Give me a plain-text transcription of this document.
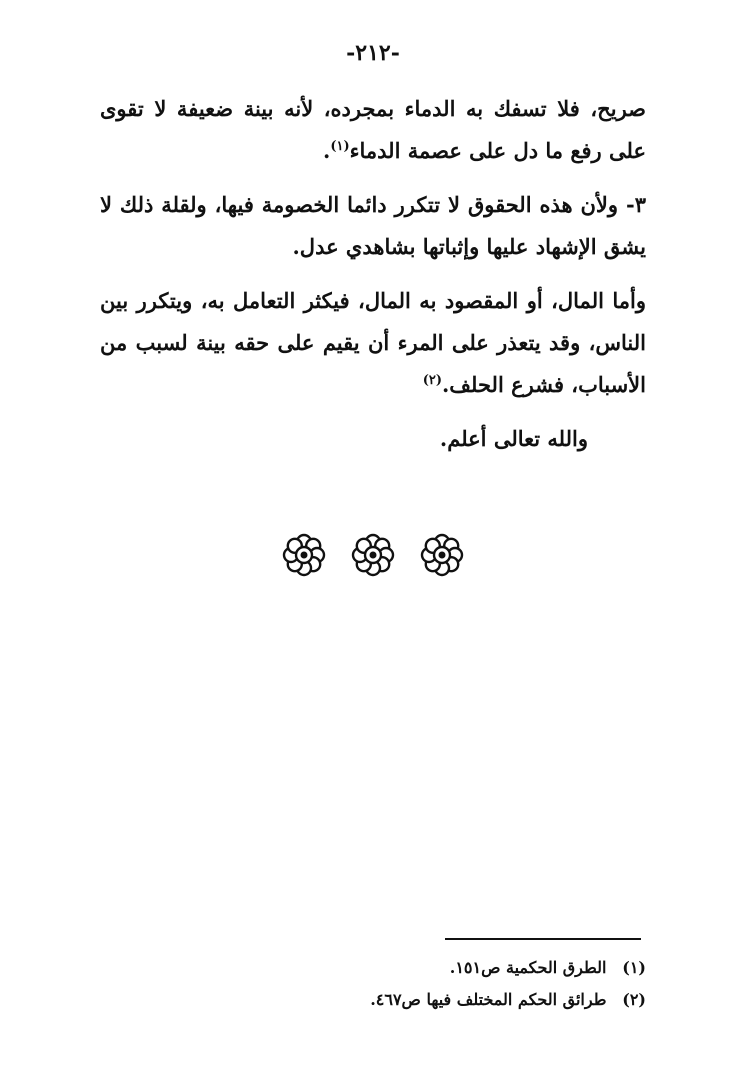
-٢١٢-

صريح، فلا تسفك به الدماء بمجرده، لأنه بينة ضعيفة لا تقوى على رفع ما دل على عصمة الدماء$^{(١)}$.

٣- ولأن هذه الحقوق لا تتكرر دائما الخصومة فيها، ولقلة ذلك لا يشق الإشهاد عليها وإثباتها بشاهدي عدل.

وأما المال، أو المقصود به المال، فيكثر التعامل به، ويتكرر بين الناس، وقد يتعذر على المرء أن يقيم على حقه بينة لسبب من الأسباب، فشرع الحلف.$^{(٢)}$

والله تعالى أعلم.

(١) الطرق الحكمية ص١٥١.
(٢) طرائق الحكم المختلف فيها ص٤٦٧.
